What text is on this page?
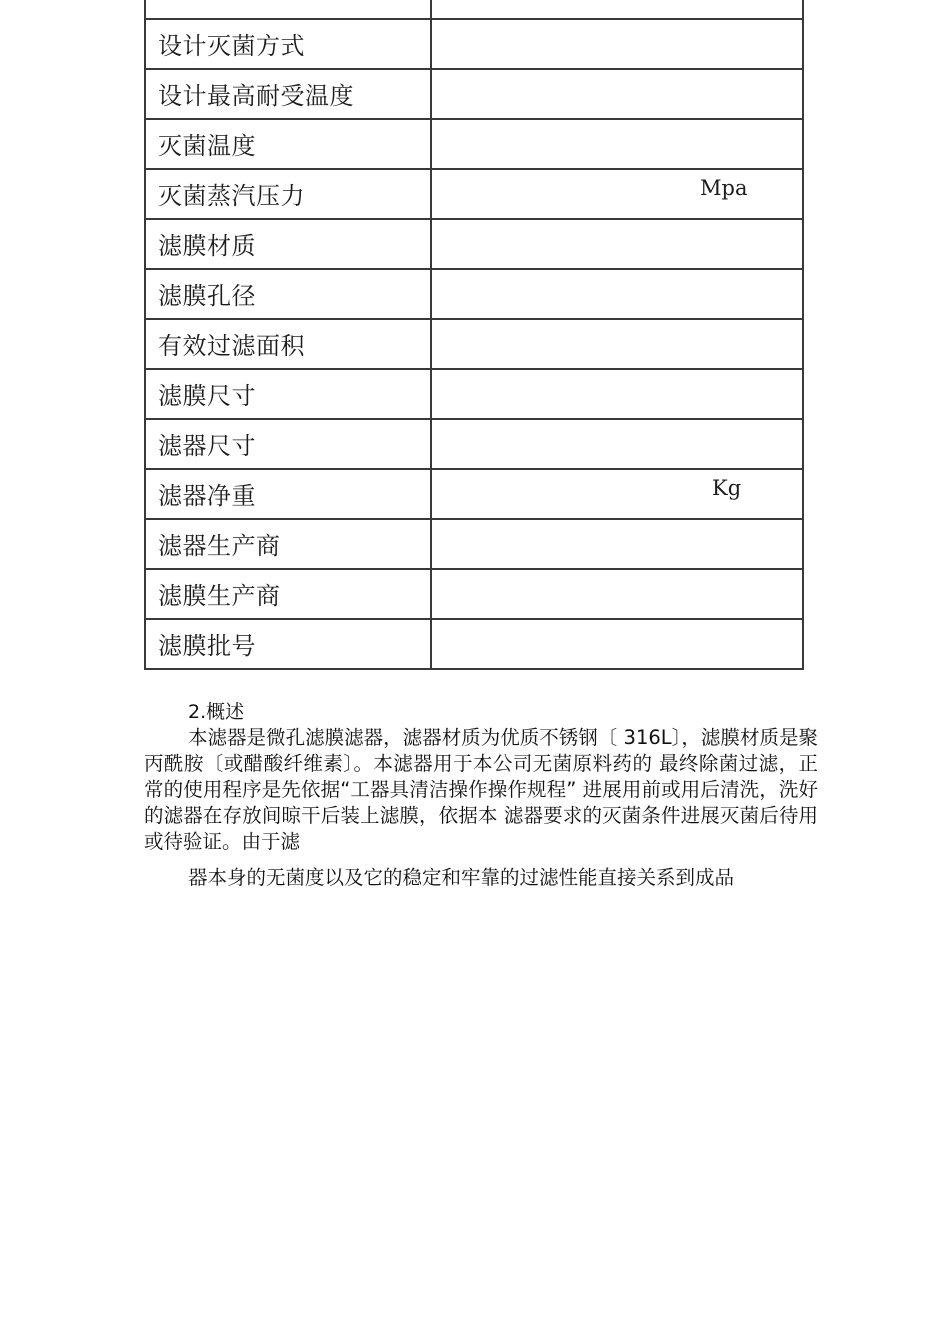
设计灭菌方式	
设计最高耐受温度	
灭菌温度	
灭菌蒸汽压力	Mpa

滤膜材质	
滤膜孔径	
有效过滤面积	
滤膜尺寸	
滤器尺寸	
滤器净重	Kg

滤器生产商	
滤膜生产商	
滤膜批号	

2.概述

本滤器是微孔滤膜滤器，滤器材质为优质不锈钢〔 316L〕，滤膜材质是聚丙酰胺〔或醋酸纤维素〕。本滤器用于本公司无菌原料药的 最终除菌过滤，正常的使用程序是先依据“工器具清洁操作操作规程” 进展用前或用后清洗，洗好的滤器在存放间晾干后装上滤膜，依据本 滤器要求的灭菌条件进展灭菌后待用或待验证。由于滤

器本身的无菌度以及它的稳定和牢靠的过滤性能直接关系到成品
